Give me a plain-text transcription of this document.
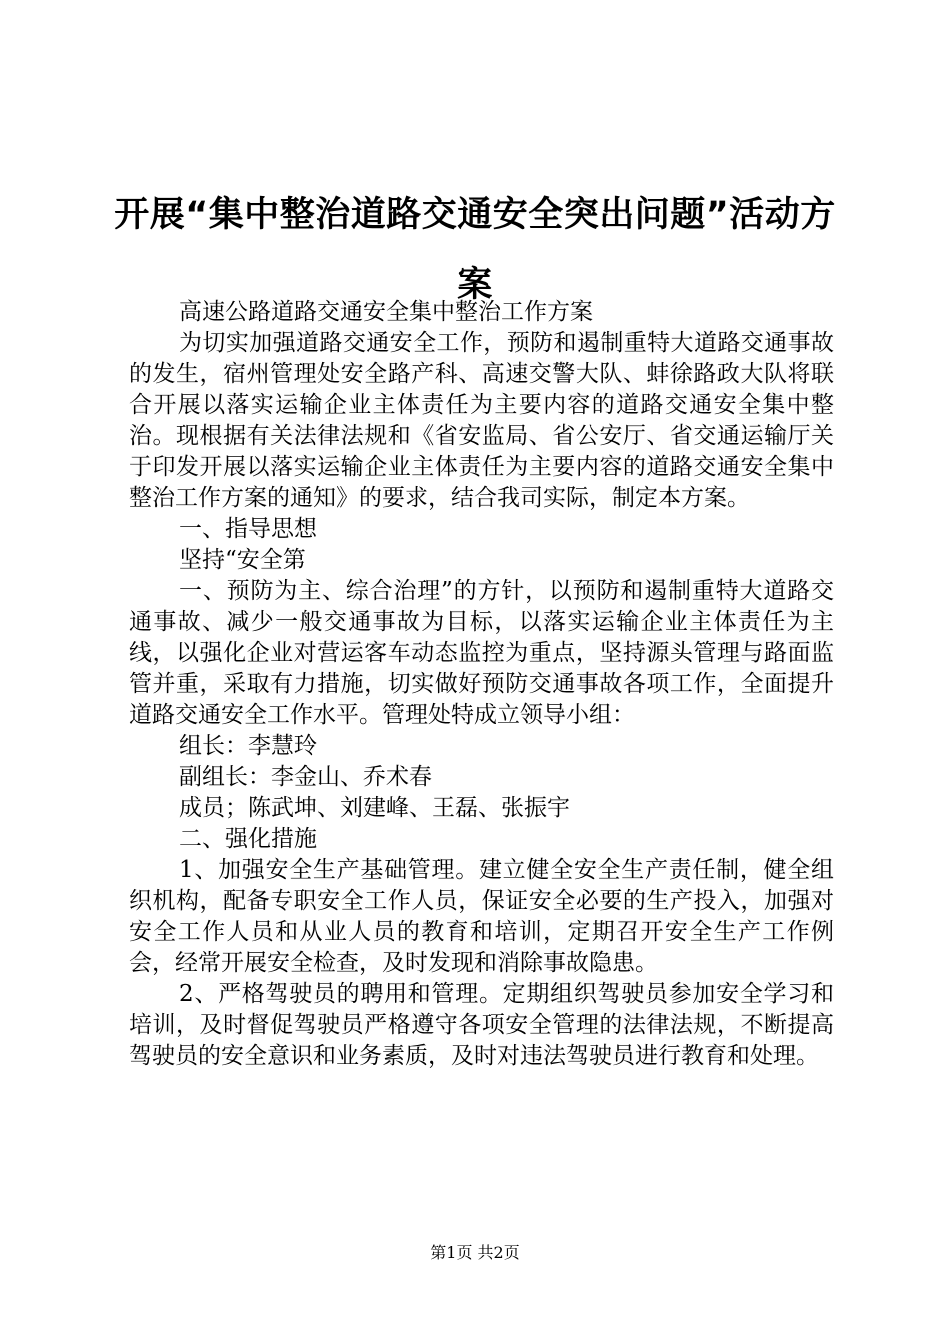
开展“集中整治道路交通安全突出问题”活动方案

高速公路道路交通安全集中整治工作方案

为切实加强道路交通安全工作，预防和遏制重特大道路交通事故的发生，宿州管理处安全路产科、高速交警大队、蚌徐路政大队将联合开展以落实运输企业主体责任为主要内容的道路交通安全集中整治。现根据有关法律法规和《省安监局、省公安厅、省交通运输厅关于印发开展以落实运输企业主体责任为主要内容的道路交通安全集中整治工作方案的通知》的要求，结合我司实际，制定本方案。

一、指导思想

坚持“安全第

一、预防为主、综合治理”的方针，以预防和遏制重特大道路交通事故、减少一般交通事故为目标，以落实运输企业主体责任为主线，以强化企业对营运客车动态监控为重点，坚持源头管理与路面监管并重，采取有力措施，切实做好预防交通事故各项工作，全面提升道路交通安全工作水平。管理处特成立领导小组：

组长：李慧玲

副组长：李金山、乔术春

成员；陈武坤、刘建峰、王磊、张振宇

二、强化措施

1、加强安全生产基础管理。建立健全安全生产责任制，健全组织机构，配备专职安全工作人员，保证安全必要的生产投入，加强对安全工作人员和从业人员的教育和培训，定期召开安全生产工作例会，经常开展安全检查，及时发现和消除事故隐患。

2、严格驾驶员的聘用和管理。定期组织驾驶员参加安全学习和培训，及时督促驾驶员严格遵守各项安全管理的法律法规，不断提高驾驶员的安全意识和业务素质，及时对违法驾驶员进行教育和处理。

第1页 共2页
